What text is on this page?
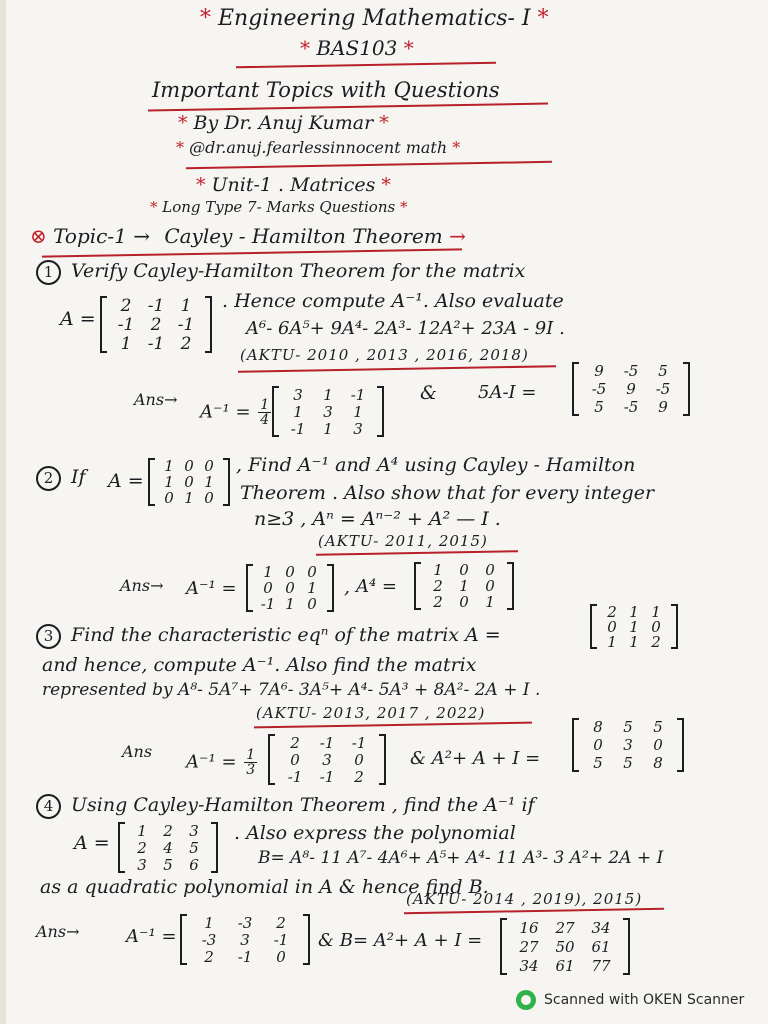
* Engineering Mathematics- I *
* BAS103 *
Important Topics with Questions
* By Dr. Anuj Kumar *
* @dr.anuj.fearlessinnocent math *
* Unit-1 . Matrices *
* Long Type 7- Marks Questions *
⊗ Topic-1 → Cayley - Hamilton Theorem →
1 Verify Cayley-Hamilton Theorem for the matrix
A =
2 -1 1
-1 2 -1
1 -1 2
. Hence compute A⁻¹. Also evaluate
A⁶- 6A⁵+ 9A⁴- 2A³- 12A²+ 23A - 9I .
(AKTU- 2010 , 2013 , 2016, 2018)
Ans→
$A^{-1} = \frac{1}{4}$
3 1 -1
1 3 1
-1 1 3
& 5A-I =
9 -5 5
-5 9 -5
5 -5 9
2 If A =
1 0 0
1 0 1
0 1 0
, Find A⁻¹ and A⁴ using Cayley - Hamilton
Theorem . Also show that for every integer
n≥3 , Aⁿ = Aⁿ⁻² + A² — I .
(AKTU- 2011, 2015)
Ans→ A⁻¹ =
1 0 0
0 0 1
-1 1 0
, A⁴ =
1 0 0
2 1 0
2 0 1
3 Find the characteristic eqⁿ of the matrix A =
2 1 1
0 1 0
1 1 2
and hence, compute A⁻¹. Also find the matrix
represented by A⁸- 5A⁷+ 7A⁶- 3A⁵+ A⁴- 5A³ + 8A²- 2A + I .
(AKTU- 2013, 2017 , 2022)
Ans $A^{-1} = \frac{1}{3}$
2 -1 -1
0 3 0
-1 -1 2
& A²+ A + I =
8 5 5
0 3 0
5 5 8
4 Using Cayley-Hamilton Theorem , find the A⁻¹ if
A =
1 2 3
2 4 5
3 5 6
. Also express the polynomial
B= A⁸- 11 A⁷- 4A⁶+ A⁵+ A⁴- 11 A³- 3 A²+ 2A + I
as a quadratic polynomial in A & hence find B.
(AKTU- 2014 , 2019), 2015)
Ans→	A⁻¹ =
1 -3 2
-3 3 -1
2 -1 0
& B= A²+ A + I =
16 27 34
27 50 61
34 61 77
Scanned with OKEN Scanner
